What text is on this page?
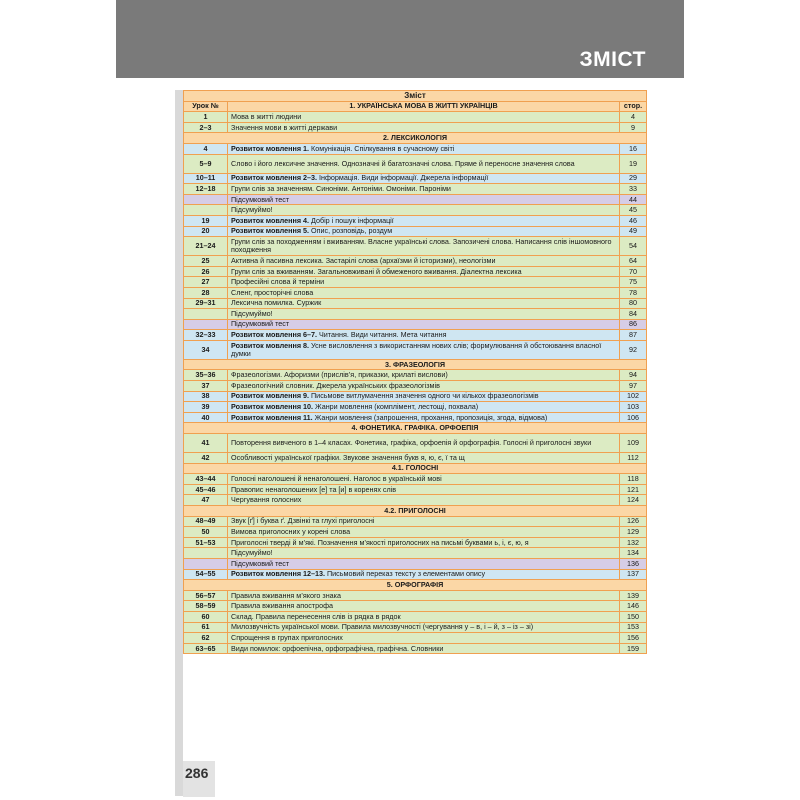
ЗМІСТ
Зміст		
Урок №	1. УКРАЇНСЬКА МОВА В ЖИТТІ УКРАЇНЦІВ	стор.
1	Мова в житті людини	4
2–3	Значення мови в житті держави	9
2. ЛЕКСИКОЛОГІЯ		
4	Розвиток мовлення 1. Комунікація. Спілкування в сучасному світі	16
5–9	Слово і його лексичне значення. Однозначні й багатозначні слова. Пряме й переносне значення слова	19
10–11	Розвиток мовлення 2–3. Інформація. Види інформації. Джерела інформації	29
12–18	Групи слів за значенням. Синоніми. Антоніми. Омоніми. Пароніми	33
	Підсумковий тест	44
	Підсумуймо!	45
19	Розвиток мовлення 4. Добір і пошук інформації	46
20	Розвиток мовлення 5. Опис, розповідь, роздум	49
21–24	Групи слів за походженням і вживанням. Власне українські слова. Запозичені слова. Написання слів іншомовного походження	54
25	Активна й пасивна лексика. Застарілі слова (архаїзми й історизми), неологізми	64
26	Групи слів за вживанням. Загальновживані й обмеженого вживання. Діалектна лексика	70
27	Професійні слова й терміни	75
28	Сленг, просторічні слова	78
29–31	Лексична помилка. Суржик	80
	Підсумуймо!	84
	Підсумковий тест	86
32–33	Розвиток мовлення 6–7. Читання. Види читання. Мета читання	87
34	Розвиток мовлення 8. Усне висловлення з використанням нових слів; формулювання й обстоювання власної думки	92
3. ФРАЗЕОЛОГІЯ		
35–36	Фразеологізми. Афоризми (прислів’я, приказки, крилаті вислови)	94
37	Фразеологічний словник. Джерела українських фразеологізмів	97
38	Розвиток мовлення 9. Письмове витлумачення значення одного чи кількох фразеологізмів	102
39	Розвиток мовлення 10. Жанри мовлення (комплімент, лестощі, похвала)	103
40	Розвиток мовлення 11. Жанри мовлення (запрошення, прохання, пропозиція, згода, відмова)	106
4. ФОНЕТИКА. ГРАФІКА. ОРФОЕПІЯ		
41	Повторення вивченого в 1–4 класах. Фонетика, графіка, орфоепія й орфографія. Голосні й приголосні звуки	109
42	Особливості української графіки. Звукове значення букв я, ю, є, ї та щ	112
4.1. ГОЛОСНІ		
43–44	Голосні наголошені й ненаголошені. Наголос в українській мові	118
45–46	Правопис ненаголошених [е] та [и] в коренях слів	121
47	Чергування голосних	124
4.2. ПРИГОЛОСНІ		
48–49	Звук [ґ] і буква ґ. Дзвінкі та глухі приголосні	126
50	Вимова приголосних у корені слова	129
51–53	Приголосні тверді й м’які. Позначення м’якості приголосних на письмі буквами ь, і, є, ю, я	132
	Підсумуймо!	134
	Підсумковий тест	136
54–55	Розвиток мовлення 12–13. Письмовий переказ тексту з елементами опису	137
5. ОРФОГРАФІЯ		
56–57	Правила вживання м’якого знака	139
58–59	Правила вживання апострофа	146
60	Склад. Правила перенесення слів із рядка в рядок	150
61	Милозвучність української мови. Правила милозвучності (чергування у – в, і – й, з – із – зі)	153
62	Спрощення в групах приголосних	156
63–65	Види помилок: орфоепічна, орфографічна, графічна. Словники	159
286
